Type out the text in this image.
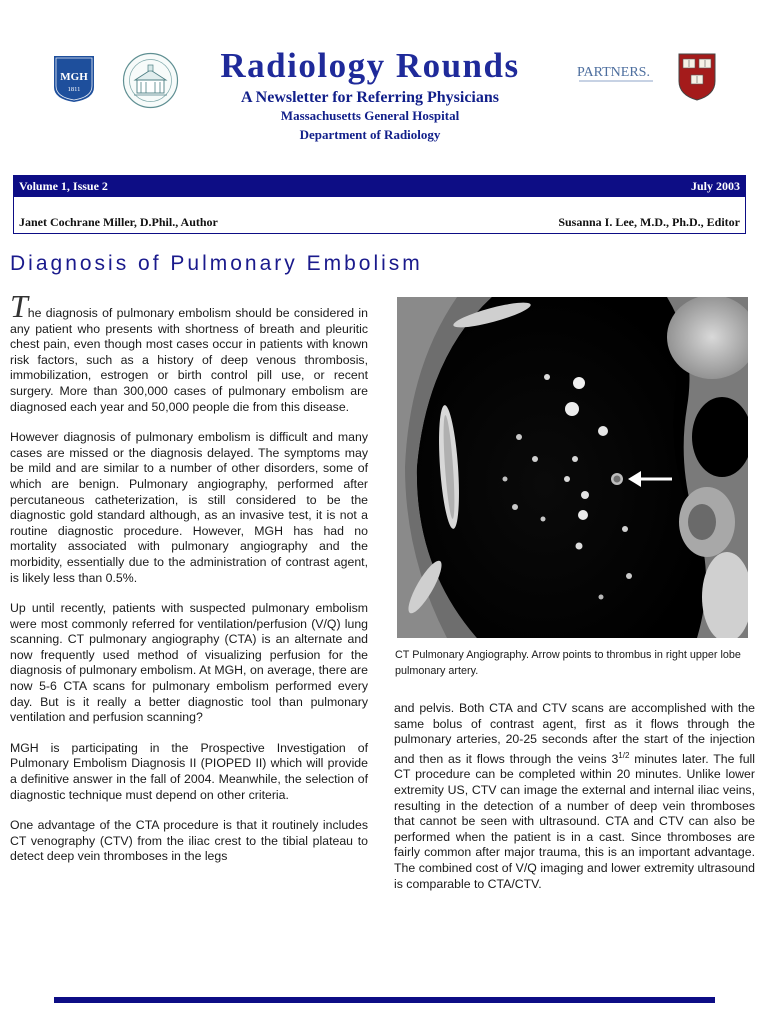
MGH
1811
PARTNERS.
Radiology Rounds
A Newsletter for Referring Physicians
Massachusetts General Hospital
Department of Radiology
Volume 1, Issue 2	July 2003
Janet Cochrane Miller, D.Phil., Author	Susanna I. Lee, M.D., Ph.D., Editor
Diagnosis of Pulmonary Embolism

The diagnosis of pulmonary embolism should be considered in any patient who presents with shortness of breath and pleuritic chest pain, even though most cases occur in patients with known risk factors, such as a history of deep venous thrombosis, immobilization, estrogen or birth control pill use, or recent surgery. More than 300,000 cases of pulmonary embolism are diagnosed each year and 50,000 people die from this disease.

However diagnosis of pulmonary embolism is difficult and many cases are missed or the diagnosis delayed. The symptoms may be mild and are similar to a number of other disorders, some of which are benign. Pulmonary angiography, performed after percutaneous catheterization, is still considered to be the diagnostic gold standard although, as an invasive test, it is not a routine diagnostic procedure. However, MGH has had no mortality associated with pulmonary angiography and the morbidity, essentially due to the administration of contrast agent, is likely less than 0.5%.

Up until recently, patients with suspected pulmonary embolism were most commonly referred for ventilation/perfusion (V/Q) lung scanning. CT pulmonary angiography (CTA) is an alternate and now frequently used method of visualizing perfusion for the diagnosis of pulmonary embolism. At MGH, on average, there are now 5-6 CTA scans for pulmonary embolism performed every day. But is it really a better diagnostic tool than pulmonary ventilation and perfusion scanning?

MGH is participating in the Prospective Investigation of Pulmonary Embolism Diagnosis II (PIOPED II) which will provide a definitive answer in the fall of 2004. Meanwhile, the selection of diagnostic technique must depend on other criteria.

One advantage of the CTA procedure is that it routinely includes CT venography (CTV) from the iliac crest to the tibial plateau to detect deep vein thromboses in the legs

CT Pulmonary Angiography. Arrow points to thrombus in right upper lobe pulmonary artery.

and pelvis. Both CTA and CTV scans are accomplished with the same bolus of contrast agent, first as it flows through the pulmonary arteries, 20-25 seconds after the start of the injection and then as it flows through the veins $3^{1/2}$ minutes later. The full CT procedure can be completed within 20 minutes. Unlike lower extremity US, CTV can image the external and internal iliac veins, resulting in the detection of a number of deep vein thromboses that cannot be seen with ultrasound. CTA and CTV can also be performed when the patient is in a cast. Since thromboses are fairly common after major trauma, this is an important advantage. The combined cost of V/Q imaging and lower extremity ultrasound is comparable to CTA/CTV.
